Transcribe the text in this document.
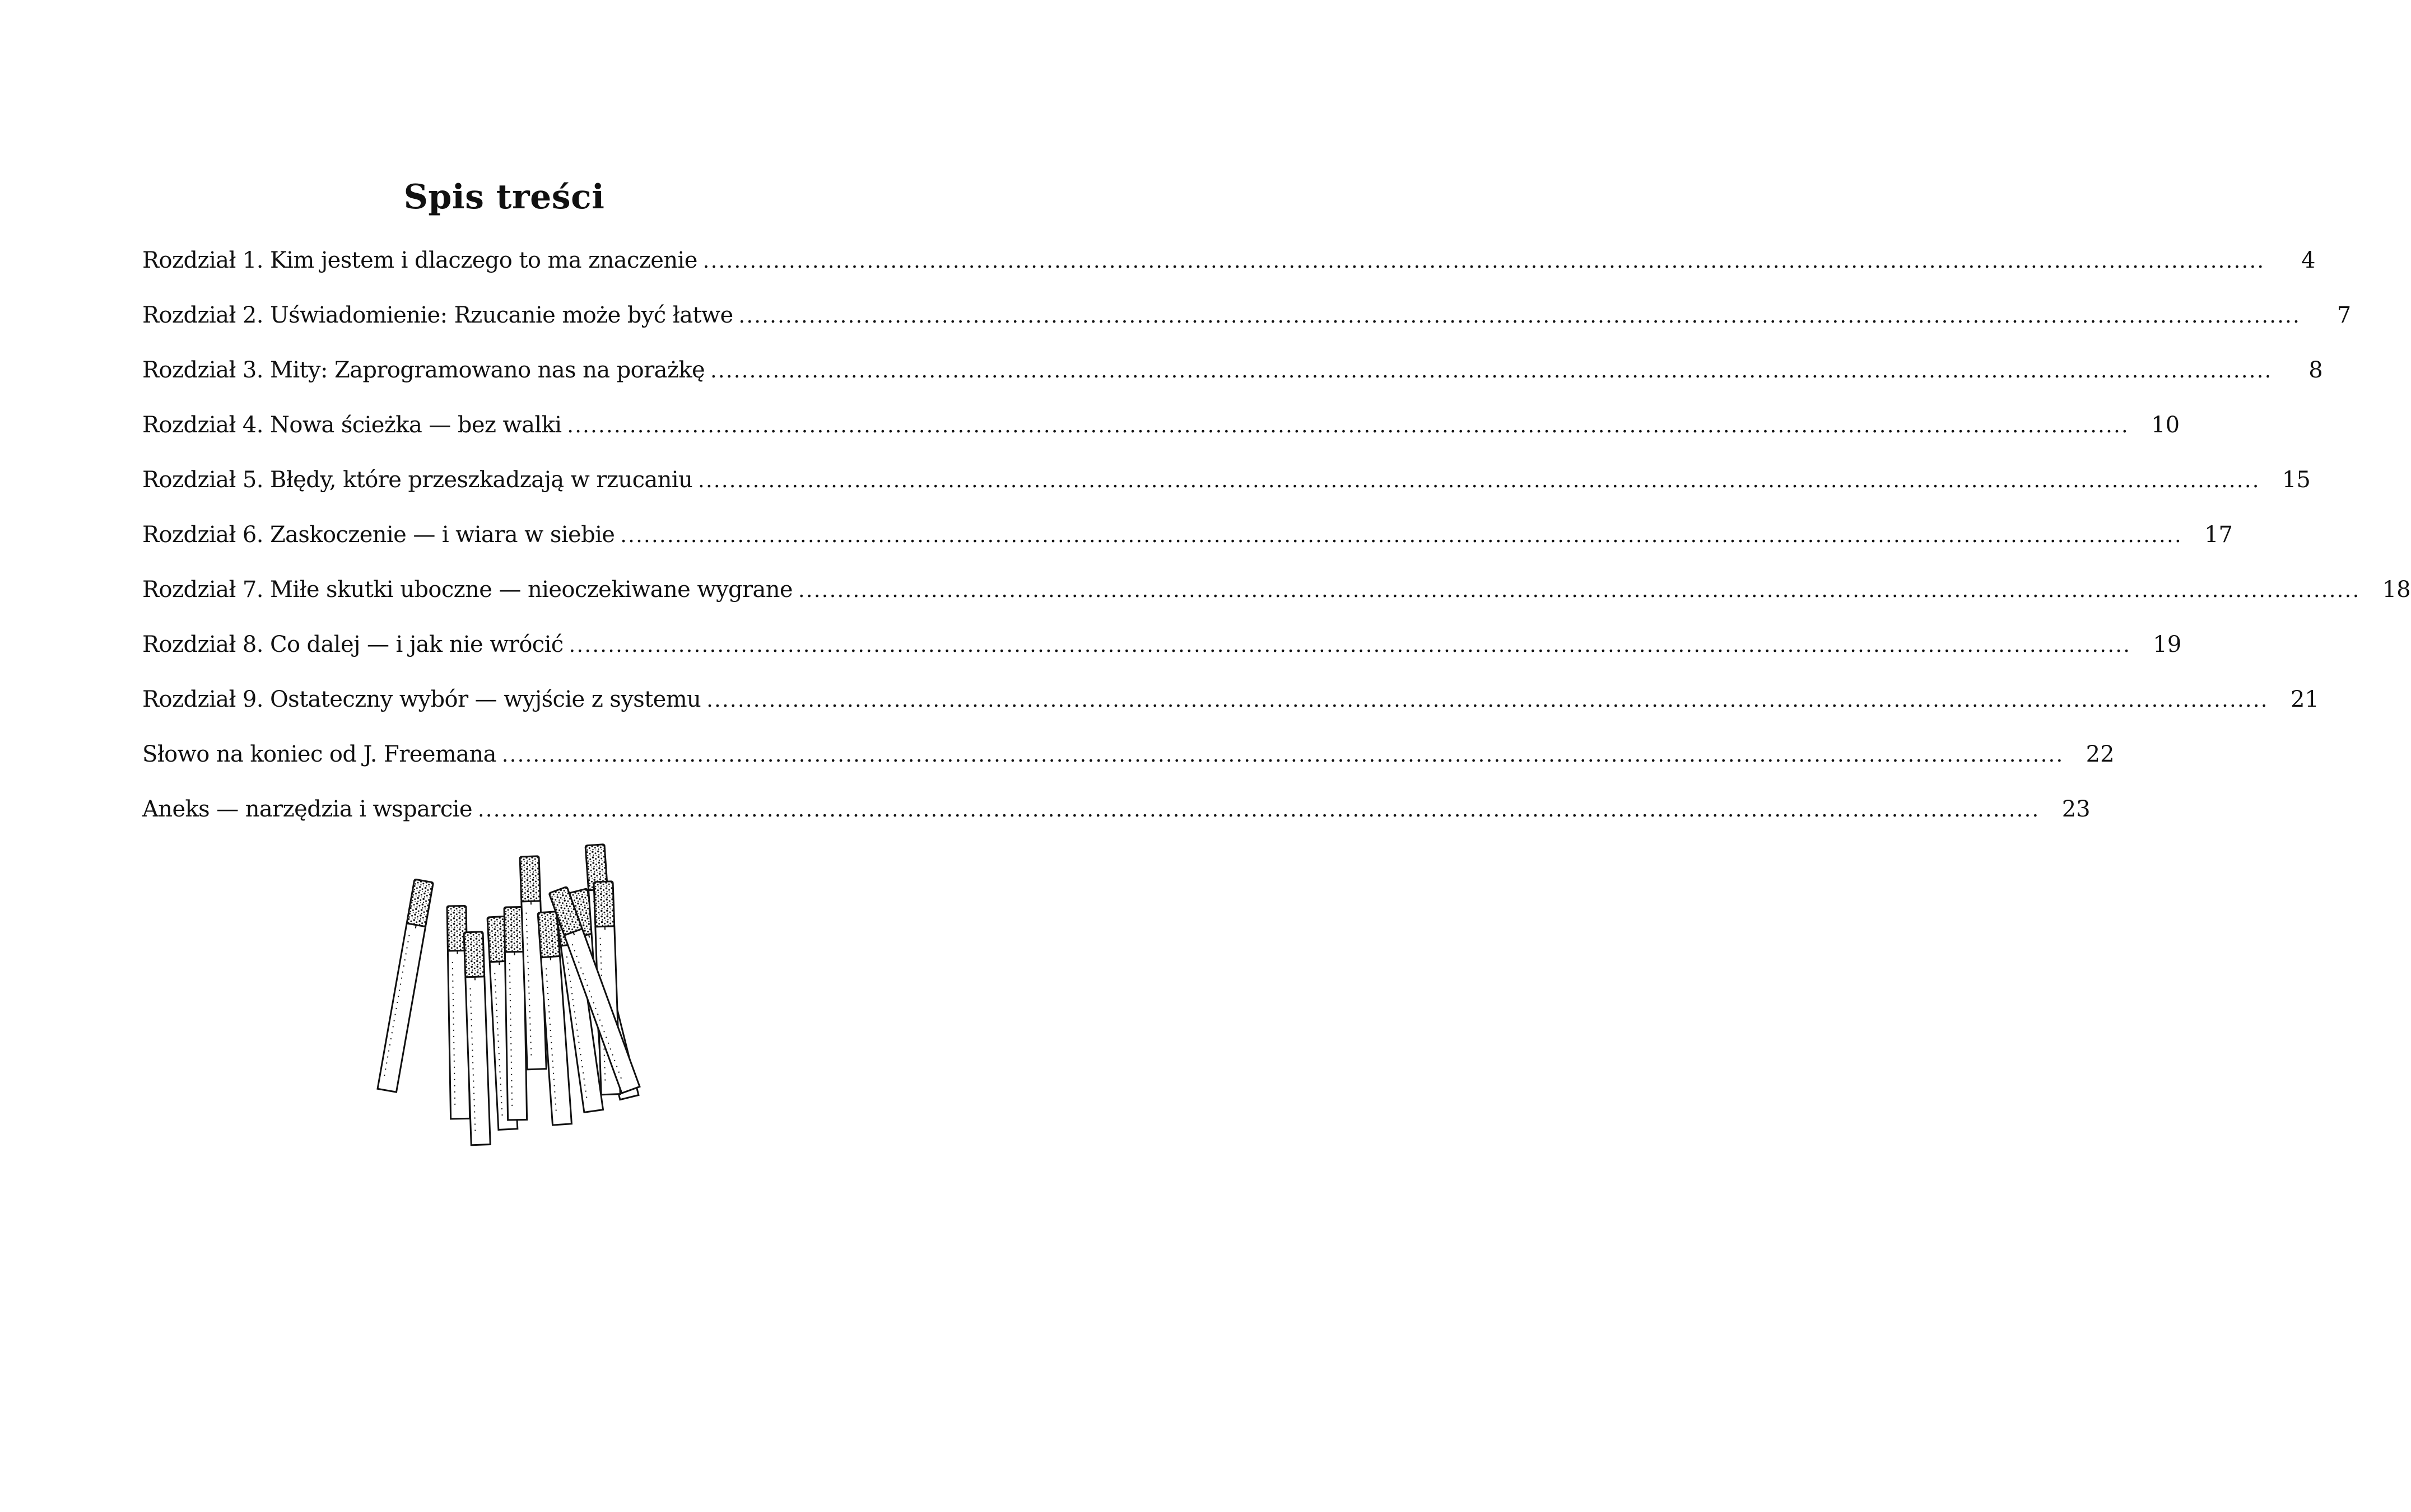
Spis treści
Rozdział 1. Kim jestem i dlaczego to ma znaczenie ........................................................................................................................................................................................................	4
Rozdział 2. Uświadomienie: Rzucanie może być łatwe ........................................................................................................................................................................................................	7
Rozdział 3. Mity: Zaprogramowano nas na porażkę ........................................................................................................................................................................................................	8
Rozdział 4. Nowa ścieżka — bez walki ........................................................................................................................................................................................................ 10
Rozdział 5. Błędy, które przeszkadzają w rzucaniu ........................................................................................................................................................................................................ 15
Rozdział 6. Zaskoczenie — i wiara w siebie ........................................................................................................................................................................................................ 17
Rozdział 7. Miłe skutki uboczne — nieoczekiwane wygrane ........................................................................................................................................................................................................ 18
Rozdział 8. Co dalej — i jak nie wrócić ........................................................................................................................................................................................................ 19
Rozdział 9. Ostateczny wybór — wyjście z systemu ........................................................................................................................................................................................................ 21
Słowo na koniec od J. Freemana ........................................................................................................................................................................................................ 22
Aneks — narzędzia i wsparcie ........................................................................................................................................................................................................ 23
